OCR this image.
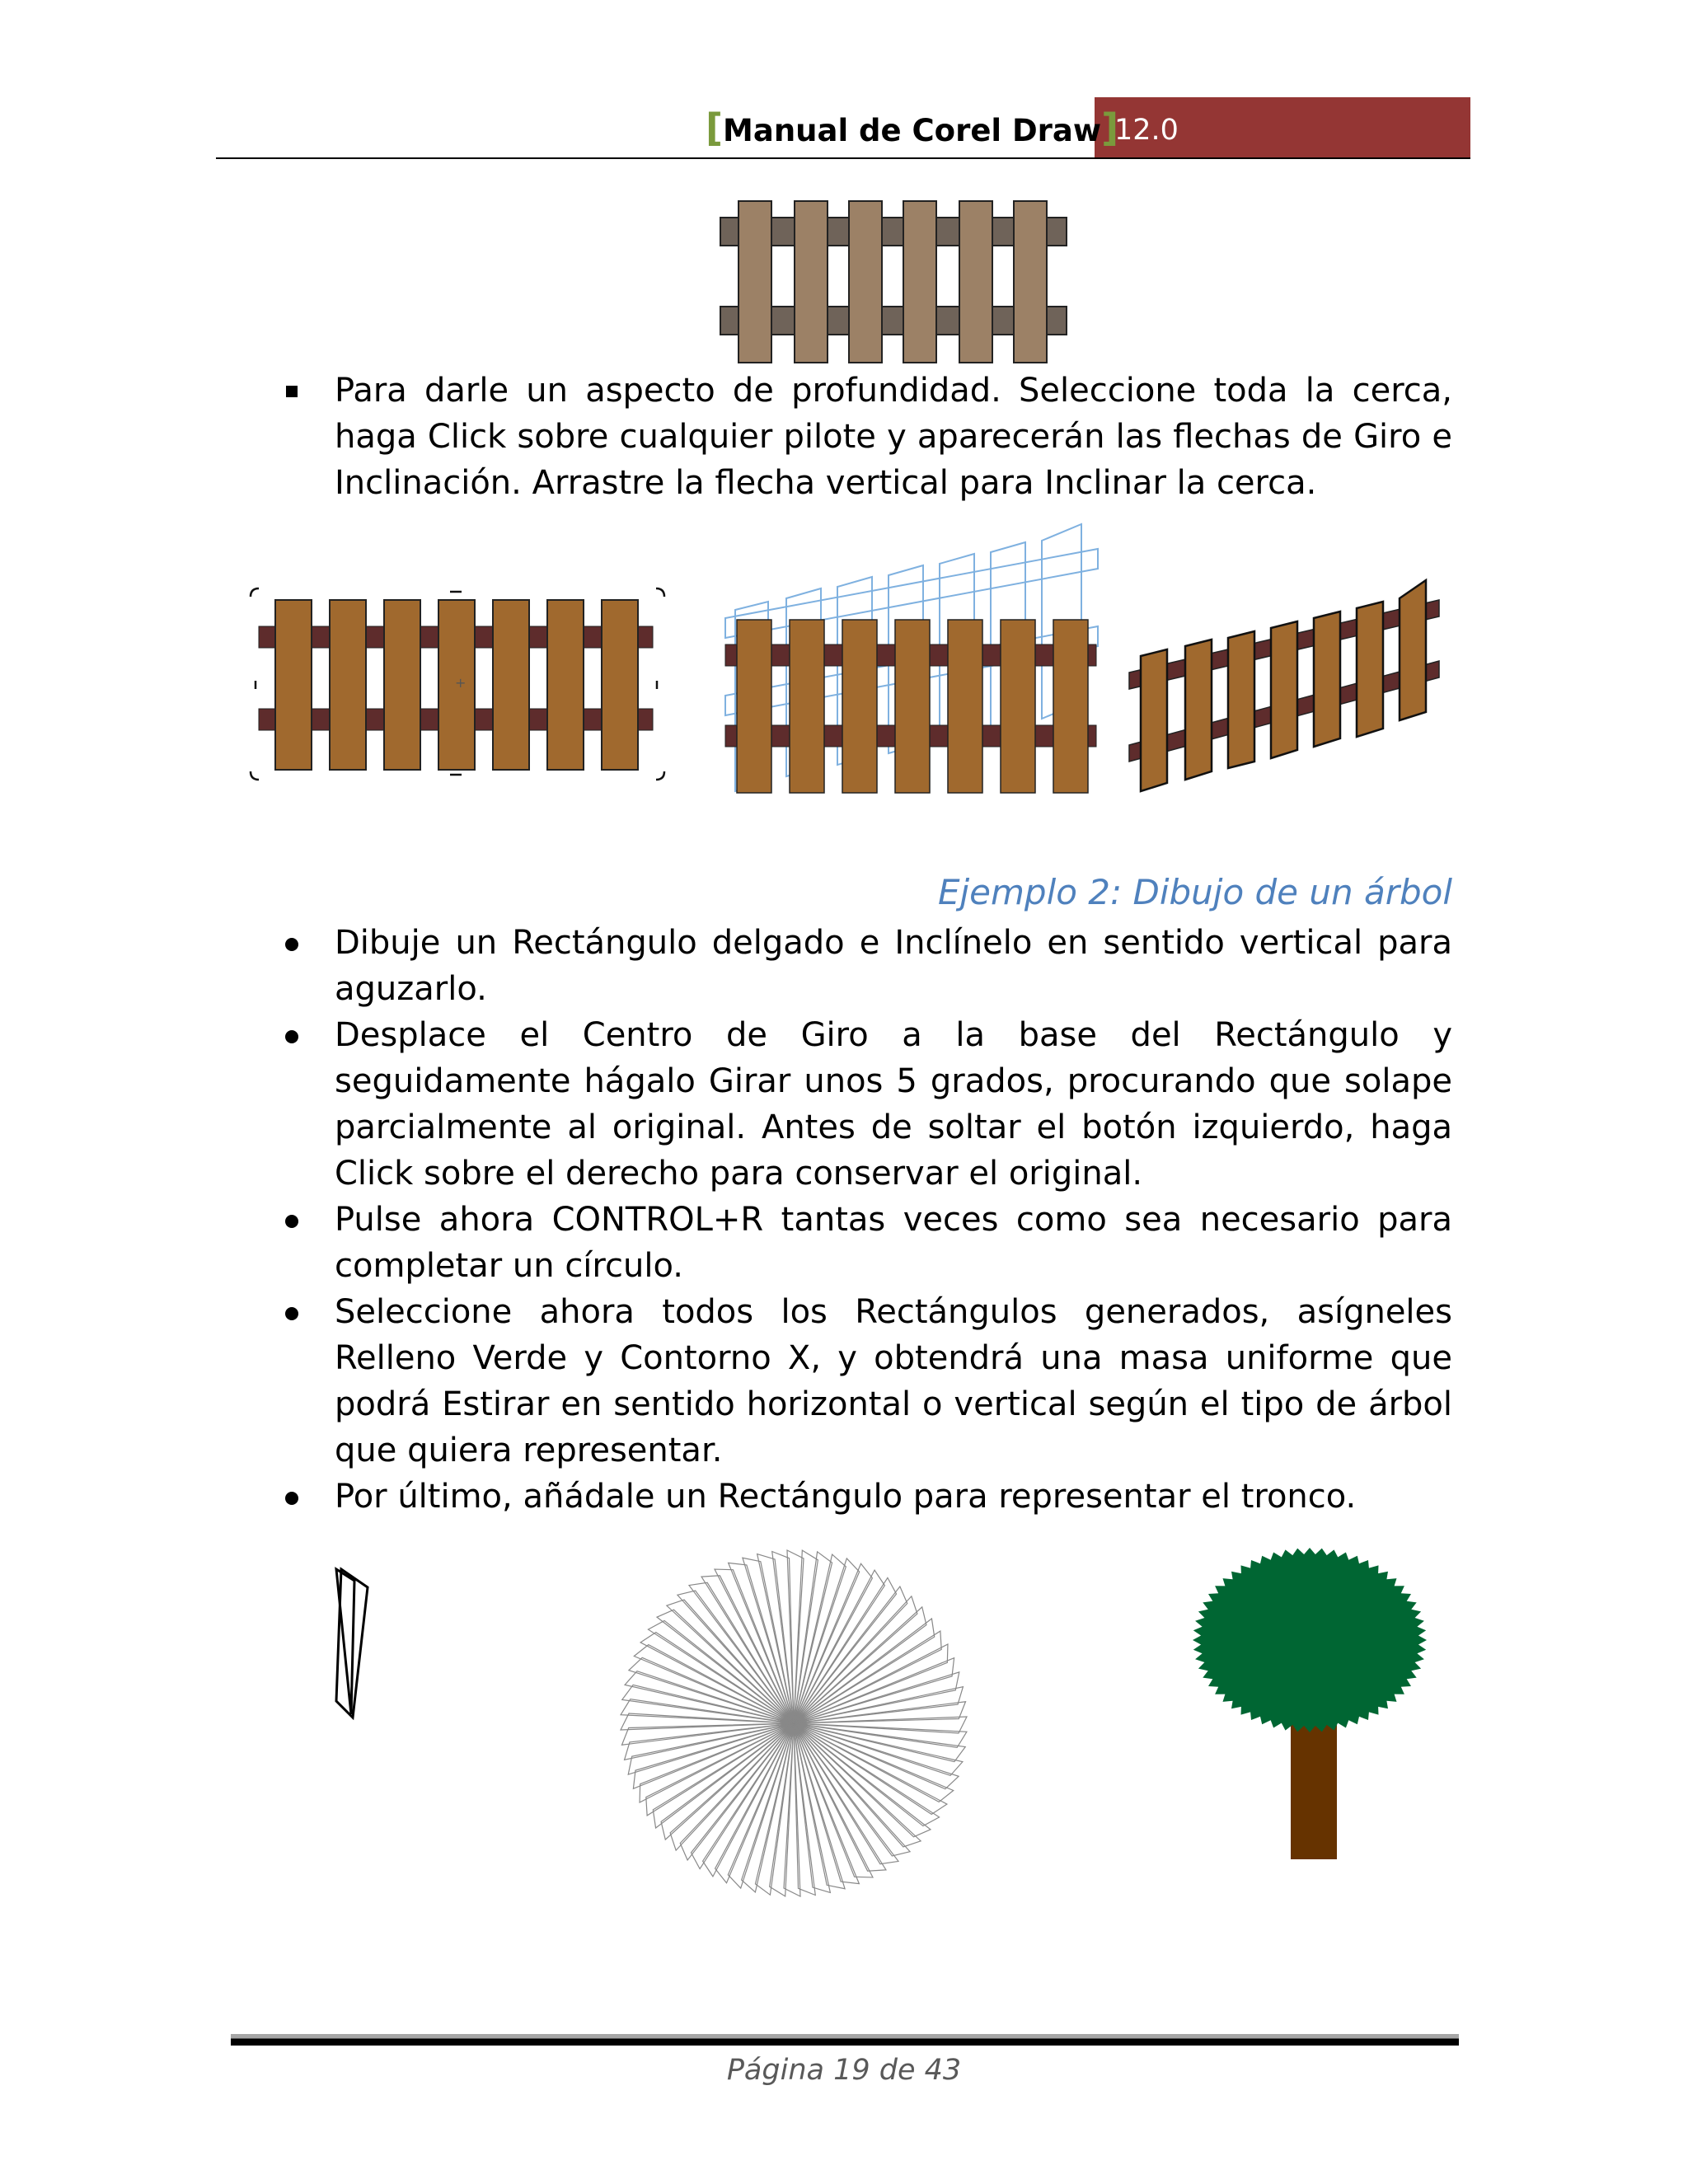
[Manual de Corel Draw]
12.0
Para darle un aspecto de profundidad. Seleccione toda la cerca, haga Click sobre cualquier pilote y aparecerán las flechas de Giro e Inclinación. Arrastre la flecha vertical para Inclinar la cerca.
+
Ejemplo 2: Dibujo de un árbol
Dibuje un Rectángulo delgado e Inclínelo en sentido vertical para aguzarlo.
Desplace el Centro de Giro a la base del Rectángulo y seguidamente hágalo Girar unos 5 grados, procurando que solape parcialmente al original. Antes de soltar el botón izquierdo, haga Click sobre el derecho para conservar el original.
Pulse ahora CONTROL+R tantas veces como sea necesario para completar un círculo.
Seleccione ahora todos los Rectángulos generados, asígneles Relleno Verde y Contorno X, y obtendrá una masa uniforme que podrá Estirar en sentido horizontal o vertical según el tipo de árbol que quiera representar.
Por último, añádale un Rectángulo para representar el tronco.
Página 19 de 43
